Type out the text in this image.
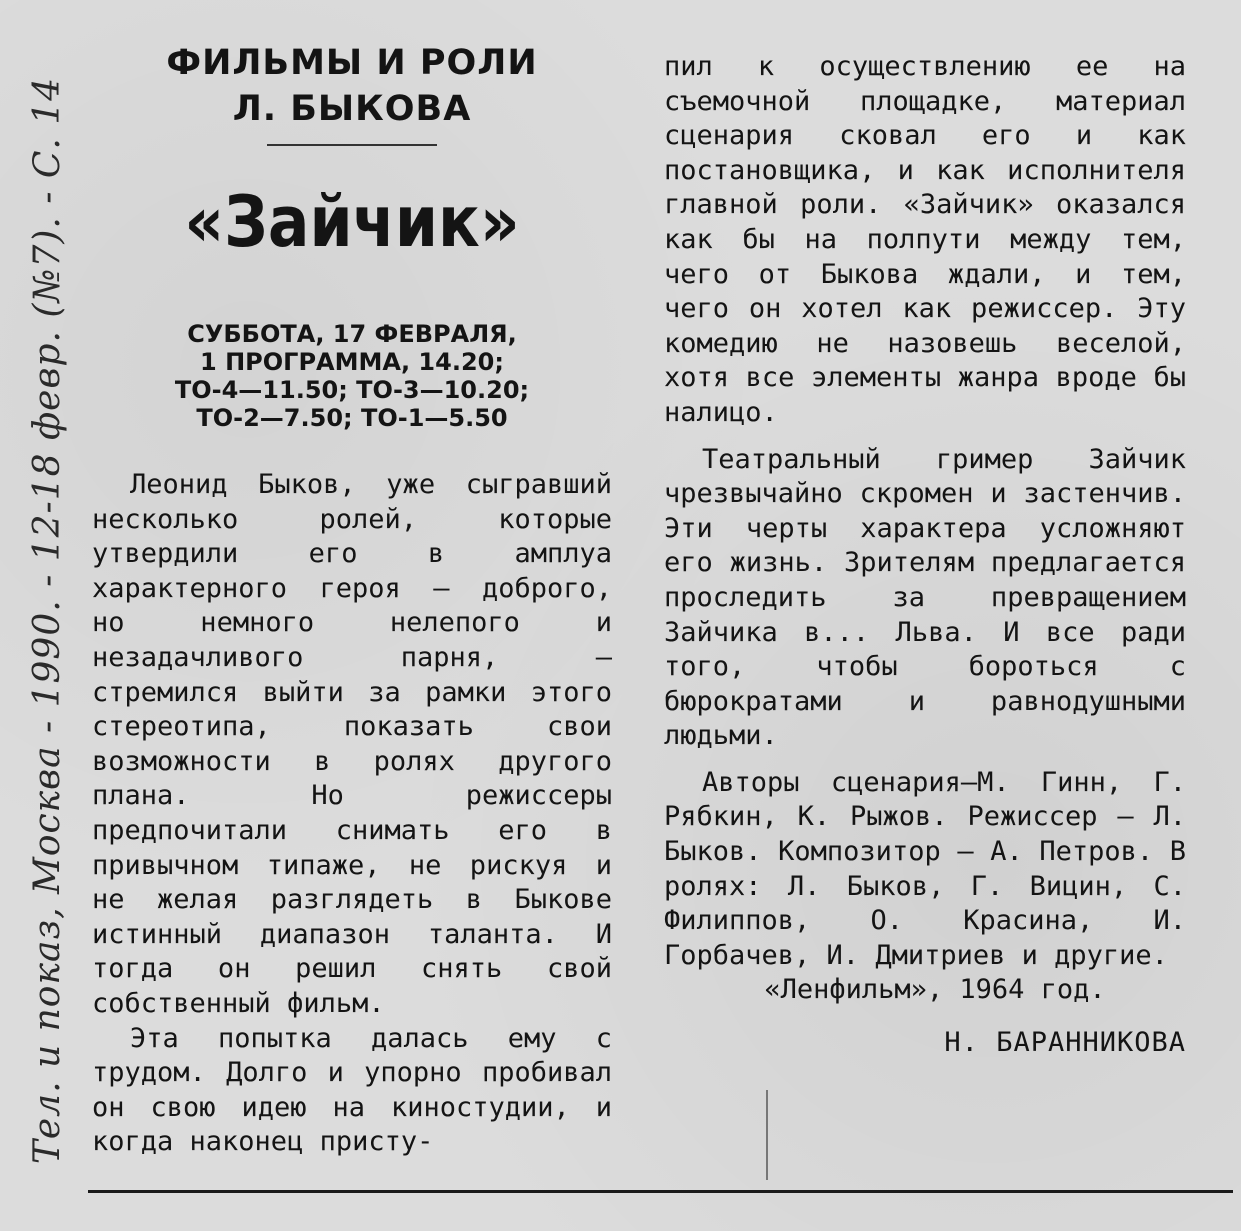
Тел. и показ, Москва - 1990. - 12-18 февр. (№7). - С. 14
ФИЛЬМЫ И РОЛИ
Л. БЫКОВА
«Зайчик»
СУББОТА, 17 ФЕВРАЛЯ,
1 ПРОГРАММА, 14.20;
ТО-4—11.50; ТО-3—10.20;
ТО-2—7.50; ТО-1—5.50

Леонид Быков, уже сыгравший несколько ролей, которые утвердили его в амплуа характерного героя — доброго, но немного нелепого и незадачливого парня, — стремился выйти за рамки этого стереотипа, показать свои возможности в ролях другого плана. Но режиссеры предпочитали снимать его в привычном типаже, не рискуя и не желая разглядеть в Быкове истинный диапазон таланта. И тогда он решил снять свой собственный фильм.

Эта попытка далась ему с трудом. Долго и упорно пробивал он свою идею на киностудии, и когда наконец присту-

пил к осуществлению ее на съемочной площадке, материал сценария сковал его и как постановщика, и как исполнителя главной роли. «Зайчик» оказался как бы на полпути между тем, чего от Быкова ждали, и тем, чего он хотел как режиссер. Эту комедию не назовешь веселой, хотя все элементы жанра вроде бы налицо.

Театральный гример Зайчик чрезвычайно скромен и застенчив. Эти черты характера усложняют его жизнь. Зрителям предлагается проследить за превращением Зайчика в... Льва. И все ради того, чтобы бороться с бюрократами и равнодушными людьми.

Авторы сценария—М. Гинн, Г. Рябкин, К. Рыжов. Режиссер — Л. Быков. Композитор — А. Петров. В ролях: Л. Быков, Г. Вицин, С. Филиппов, О. Красина, И. Горбачев, И. Дмитриев и другие.

«Ленфильм», 1964 год.

Н. БАРАННИКОВА
